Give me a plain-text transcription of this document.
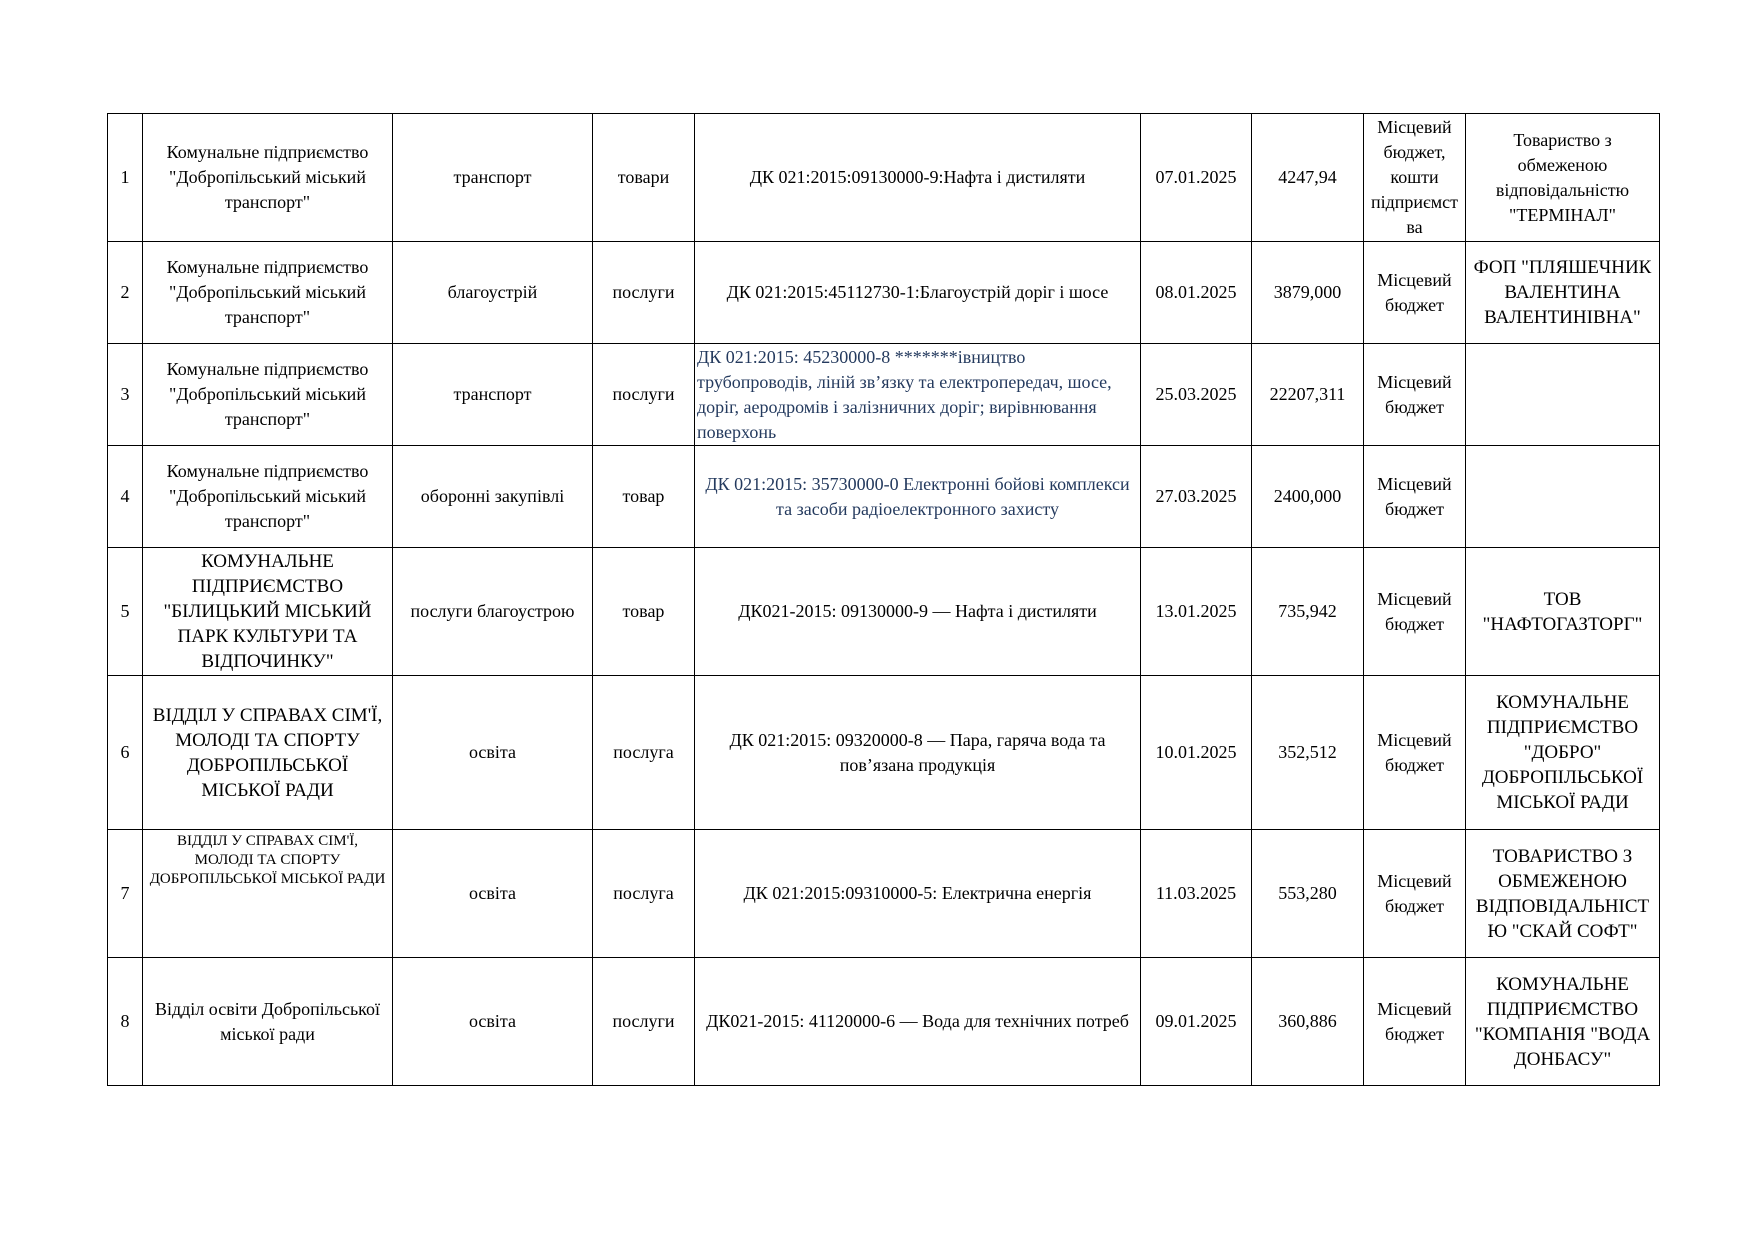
1	Комунальне підприємство "Добропільський міський транспорт"	транспорт	товари	ДК 021:2015:09130000-9:Нафта і дистиляти	07.01.2025	4247,94	Місцевий бюджет, кошти підприємства	Товариство з обмеженою відповідальністю "ТЕРМІНАЛ"
2	Комунальне підприємство "Добропільський міський транспорт"	благоустрій	послуги	ДК 021:2015:45112730-1:Благоустрій доріг і шосе	08.01.2025	3879,000	Місцевий бюджет	ФОП "ПЛЯШЕЧНИК ВАЛЕНТИНА ВАЛЕНТИНІВНА"
3	Комунальне підприємство "Добропільський міський транспорт"	транспорт	послуги	ДК 021:2015: 45230000-8 *******івництво трубопроводів, ліній зв’язку та електропередач, шосе, доріг, аеродромів і залізничних доріг; вирівнювання поверхонь	25.03.2025	22207,311	Місцевий бюджет	
4	Комунальне підприємство "Добропільський міський транспорт"	оборонні закупівлі	товар	ДК 021:2015: 35730000-0 Електронні бойові комплекси та засоби радіоелектронного захисту	27.03.2025	2400,000	Місцевий бюджет	
5	КОМУНАЛЬНЕ ПІДПРИЄМСТВО "БІЛИЦЬКИЙ МІСЬКИЙ ПАРК КУЛЬТУРИ ТА ВІДПОЧИНКУ"	послуги благоустрою	товар	ДК021-2015: 09130000-9 — Нафта і дистиляти	13.01.2025	735,942	Місцевий бюджет	ТОВ "НАФТОГАЗТОРГ"
6	ВІДДІЛ У СПРАВАХ СІМ'Ї, МОЛОДІ ТА СПОРТУ ДОБРОПІЛЬСЬКОЇ МІСЬКОЇ РАДИ	освіта	послуга	ДК 021:2015: 09320000-8 — Пара, гаряча вода та пов’язана продукція	10.01.2025	352,512	Місцевий бюджет	КОМУНАЛЬНЕ ПІДПРИЄМСТВО "ДОБРО" ДОБРОПІЛЬСЬКОЇ МІСЬКОЇ РАДИ
7	ВІДДІЛ У СПРАВАХ СІМ'Ї, МОЛОДІ ТА СПОРТУ ДОБРОПІЛЬСЬКОЇ МІСЬКОЇ РАДИ	освіта	послуга	ДК 021:2015:09310000-5: Електрична енергія	11.03.2025	553,280	Місцевий бюджет	ТОВАРИСТВО З ОБМЕЖЕНОЮ ВІДПОВІДАЛЬНІСТЮ "СКАЙ СОФТ"
8	Відділ освіти Добропільської міської ради	освіта	послуги	ДК021-2015: 41120000-6 — Вода для технічних потреб	09.01.2025	360,886	Місцевий бюджет	КОМУНАЛЬНЕ ПІДПРИЄМСТВО "КОМПАНІЯ "ВОДА ДОНБАСУ"
